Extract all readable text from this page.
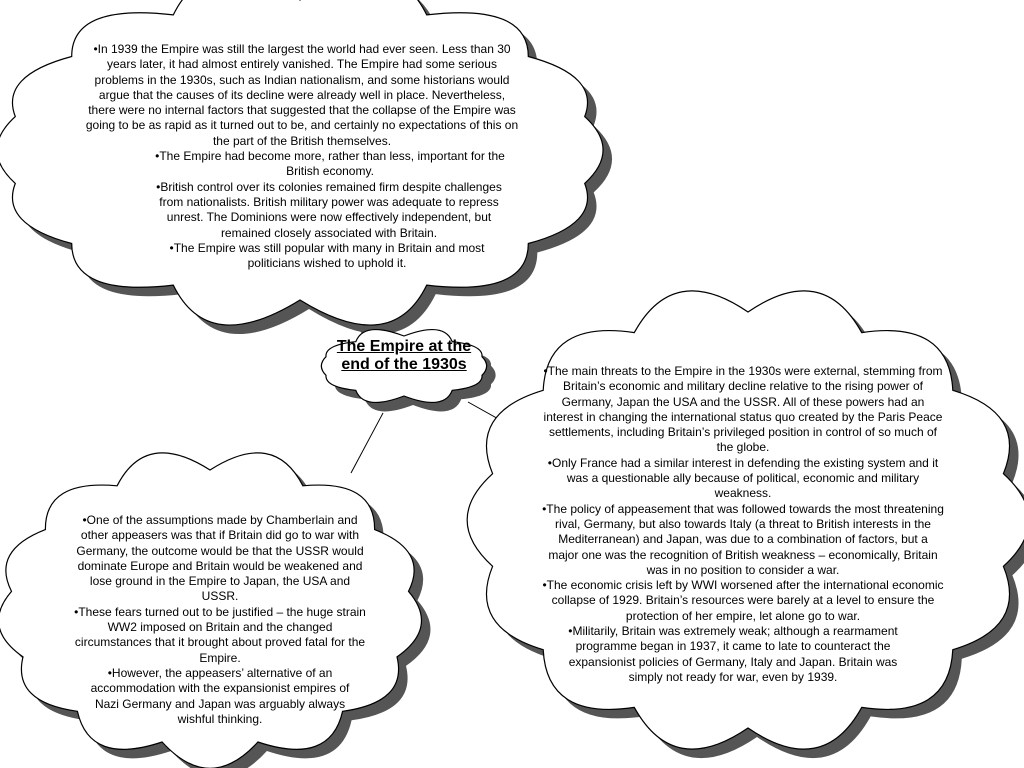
The Empire at the end of the 1930s

•In 1939 the Empire was still the largest the world had ever seen. Less than 30 years later, it had almost entirely vanished. The Empire had some serious problems in the 1930s, such as Indian nationalism, and some historians would argue that the causes of its decline were already well in place. Nevertheless, there were no internal factors that suggested that the collapse of the Empire was going to be as rapid as it turned out to be, and certainly no expectations of this on the part of the British themselves.

•The Empire had become more, rather than less, important for the British economy.

•British control over its colonies remained firm despite challenges from nationalists. British military power was adequate to repress unrest. The Dominions were now effectively independent, but remained closely associated with Britain.

•The Empire was still popular with many in Britain and most politicians wished to uphold it.

•The main threats to the Empire in the 1930s were external, stemming from Britain’s economic and military decline relative to the rising power of Germany, Japan the USA and the USSR. All of these powers had an interest in changing the international status quo created by the Paris Peace settlements, including Britain’s privileged position in control of so much of the globe.

•Only France had a similar interest in defending the existing system and it was a questionable ally because of political, economic and military weakness.

•The policy of appeasement that was followed towards the most threatening rival, Germany, but also towards Italy (a threat to British interests in the Mediterranean) and Japan, was due to a combination of factors, but a major one was the recognition of British weakness – economically, Britain was in no position to consider a war.

•The economic crisis left by WWI worsened after the international economic collapse of 1929. Britain’s resources were barely at a level to ensure the protection of her empire, let alone go to war.

•Militarily, Britain was extremely weak; although a rearmament programme began in 1937, it came to late to counteract the expansionist policies of Germany, Italy and Japan. Britain was simply not ready for war, even by 1939.

•One of the assumptions made by Chamberlain and other appeasers was that if Britain did go to war with Germany, the outcome would be that the USSR would dominate Europe and Britain would be weakened and lose ground in the Empire to Japan, the USA and USSR.

•These fears turned out to be justified – the huge strain WW2 imposed on Britain and the changed circumstances that it brought about proved fatal for the Empire.

•However, the appeasers’ alternative of an accommodation with the expansionist empires of Nazi Germany and Japan was arguably always wishful thinking.
